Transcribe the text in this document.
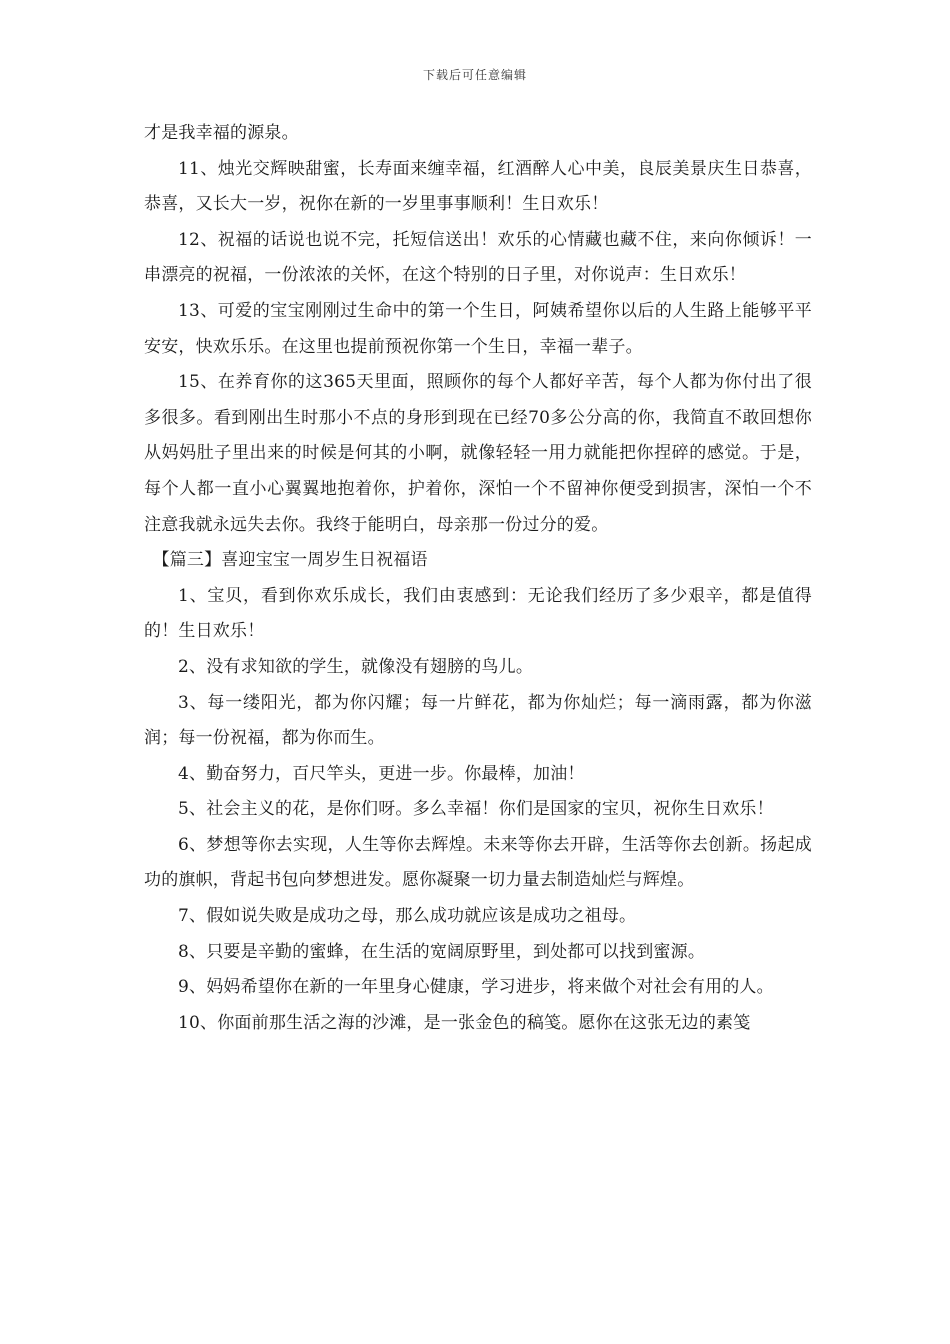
下载后可任意编辑

才是我幸福的源泉。

11、烛光交辉映甜蜜，长寿面来缠幸福，红酒醉人心中美，良辰美景庆生日恭喜，恭喜，又长大一岁，祝你在新的一岁里事事顺利！生日欢乐！

12、祝福的话说也说不完，托短信送出！欢乐的心情藏也藏不住，来向你倾诉！一串漂亮的祝福，一份浓浓的关怀，在这个特别的日子里，对你说声：生日欢乐！

13、可爱的宝宝刚刚过生命中的第一个生日，阿姨希望你以后的人生路上能够平平安安，快欢乐乐。在这里也提前预祝你第一个生日，幸福一辈子。

15、在养育你的这365天里面，照顾你的每个人都好辛苦，每个人都为你付出了很多很多。看到刚出生时那小不点的身形到现在已经70多公分高的你，我简直不敢回想你从妈妈肚子里出来的时候是何其的小啊，就像轻轻一用力就能把你捏碎的感觉。于是，每个人都一直小心翼翼地抱着你，护着你，深怕一个不留神你便受到损害，深怕一个不注意我就永远失去你。我终于能明白，母亲那一份过分的爱。

【篇三】喜迎宝宝一周岁生日祝福语

1、宝贝，看到你欢乐成长，我们由衷感到：无论我们经历了多少艰辛，都是值得的！生日欢乐！

2、没有求知欲的学生，就像没有翅膀的鸟儿。

3、每一缕阳光，都为你闪耀；每一片鲜花，都为你灿烂；每一滴雨露，都为你滋润；每一份祝福，都为你而生。

4、勤奋努力，百尺竿头，更进一步。你最棒，加油！

5、社会主义的花，是你们呀。多么幸福！你们是国家的宝贝，祝你生日欢乐！

6、梦想等你去实现，人生等你去辉煌。未来等你去开辟，生活等你去创新。扬起成功的旗帜，背起书包向梦想进发。愿你凝聚一切力量去制造灿烂与辉煌。

7、假如说失败是成功之母，那么成功就应该是成功之祖母。

8、只要是辛勤的蜜蜂，在生活的宽阔原野里，到处都可以找到蜜源。

9、妈妈希望你在新的一年里身心健康，学习进步，将来做个对社会有用的人。

10、你面前那生活之海的沙滩，是一张金色的稿笺。愿你在这张无边的素笺
